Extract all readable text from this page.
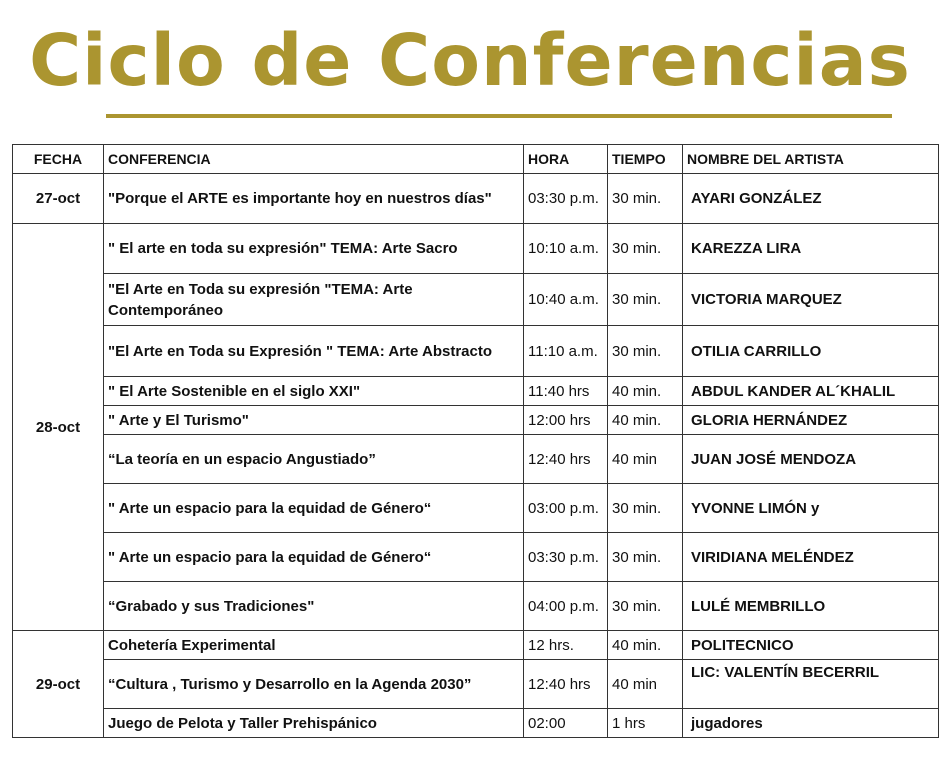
Ciclo de Conferencias
FECHA	CONFERENCIA	HORA	TIEMPO	NOMBRE DEL ARTISTA
27-oct	"Porque el ARTE es importante hoy en nuestros días"	03:30 p.m.	30 min.	AYARI GONZÁLEZ
28-oct	" El arte en toda su expresión" TEMA: Arte Sacro	10:10 a.m.	30 min.	KAREZZA LIRA
	"El Arte en Toda su expresión "TEMA: Arte Contemporáneo	10:40 a.m.	30 min.	VICTORIA MARQUEZ
	"El Arte en Toda su Expresión " TEMA: Arte Abstracto	11:10 a.m.	30 min.	OTILIA CARRILLO
	" El Arte Sostenible en el siglo XXI"	11:40 hrs	40 min.	ABDUL KANDER AL´KHALIL
	" Arte y El Turismo"	12:00 hrs	40 min.	GLORIA HERNÁNDEZ
	“La teoría en un espacio Angustiado”	12:40 hrs	40 min	JUAN JOSÉ MENDOZA
	" Arte un espacio para la equidad de Género“	03:00 p.m.	30 min.	YVONNE LIMÓN y
	" Arte un espacio para la equidad de Género“	03:30 p.m.	30 min.	VIRIDIANA MELÉNDEZ
	“Grabado y sus Tradiciones"	04:00 p.m.	30 min.	LULÉ MEMBRILLO
29-oct	Cohetería Experimental	12 hrs.	40 min.	POLITECNICO
	“Cultura , Turismo y Desarrollo en la Agenda 2030”	12:40 hrs	40 min	LIC: VALENTÍN BECERRIL
	Juego de Pelota y Taller Prehispánico	02:00	1 hrs	jugadores
